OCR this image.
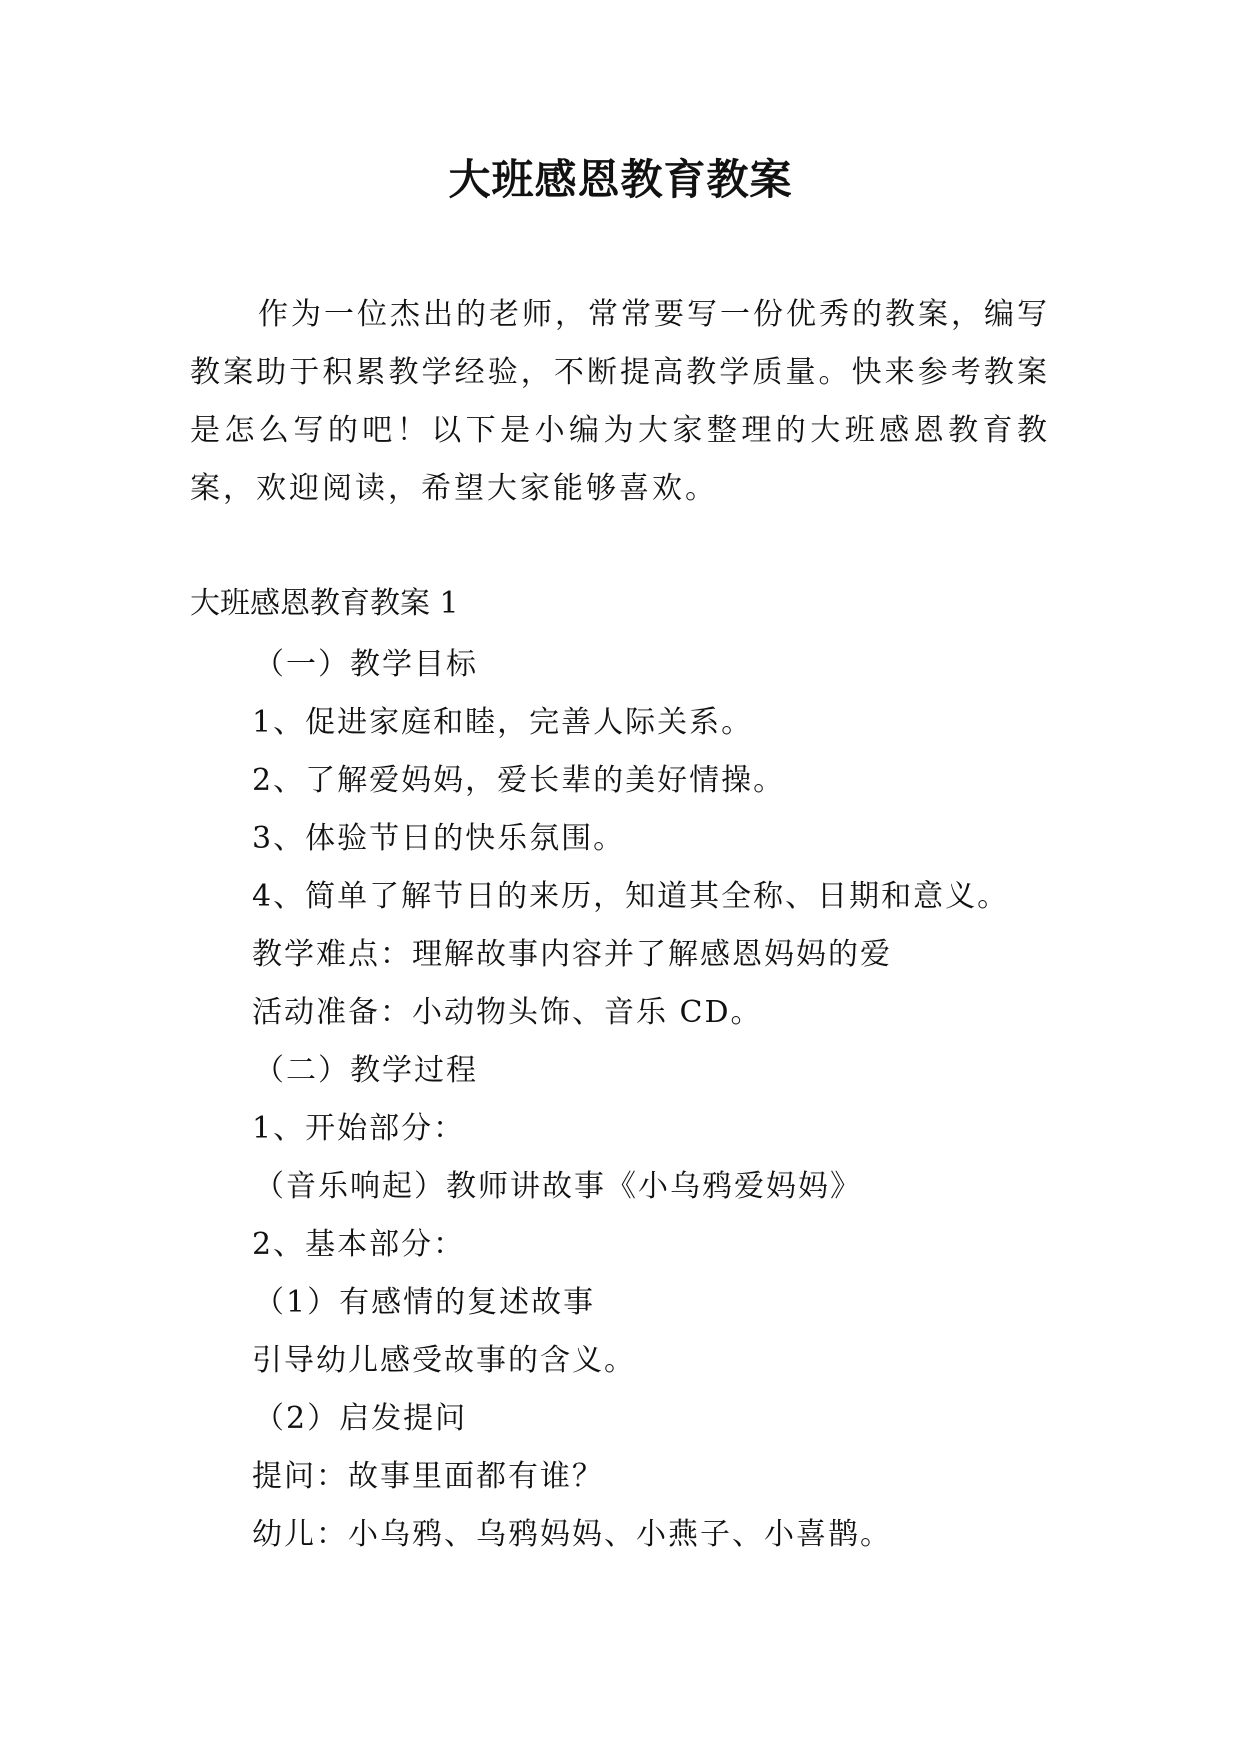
大班感恩教育教案

作为一位杰出的老师，常常要写一份优秀的教案，编写教案助于积累教学经验，不断提高教学质量。快来参考教案是怎么写的吧！以下是小编为大家整理的大班感恩教育教案，欢迎阅读，希望大家能够喜欢。

大班感恩教育教案 1

（一）教学目标
1、促进家庭和睦，完善人际关系。
2、了解爱妈妈，爱长辈的美好情操。
3、体验节日的快乐氛围。
4、简单了解节日的来历，知道其全称、日期和意义。
教学难点：理解故事内容并了解感恩妈妈的爱
活动准备：小动物头饰、音乐 CD。
（二）教学过程
1、开始部分：
（音乐响起）教师讲故事《小乌鸦爱妈妈》
2、基本部分：
（1）有感情的复述故事
引导幼儿感受故事的含义。
（2）启发提问
提问：故事里面都有谁？
幼儿：小乌鸦、乌鸦妈妈、小燕子、小喜鹊。
